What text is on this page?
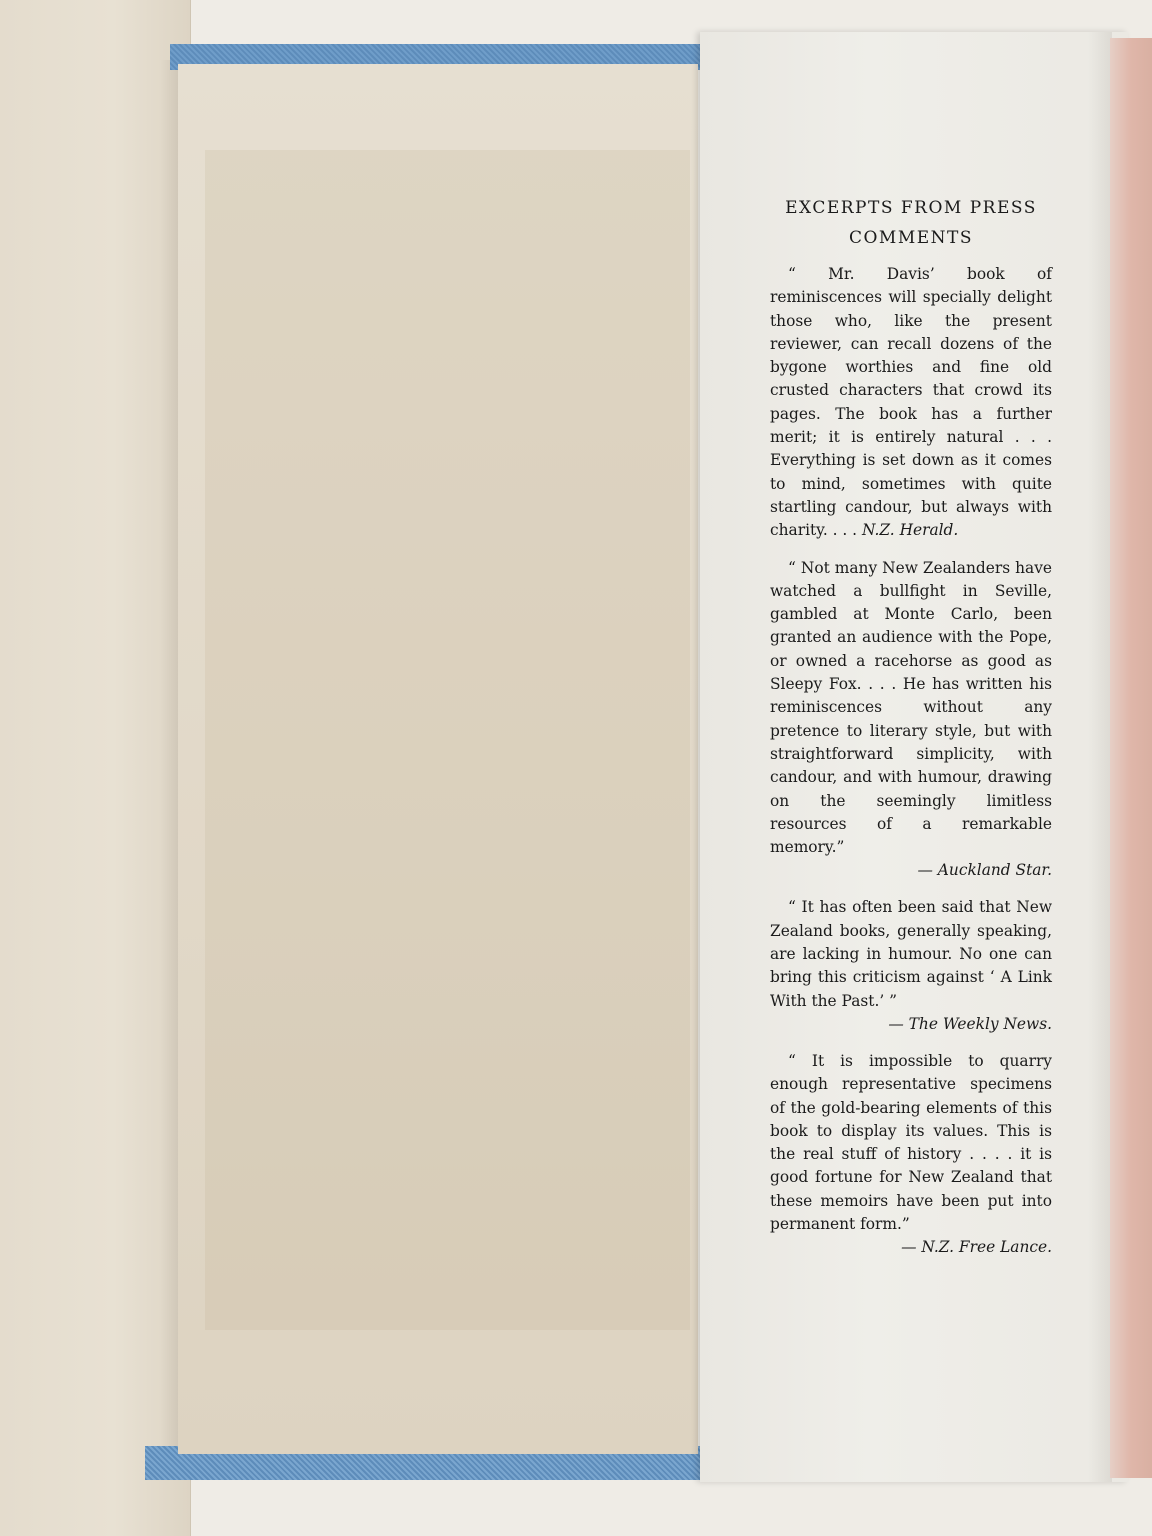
EXCERPTS FROM PRESS
COMMENTS

“ Mr. Davis’ book of reminiscences will specially delight those who, like the present reviewer, can recall dozens of the bygone worthies and fine old crusted characters that crowd its pages. The book has a further merit; it is entirely natural . . . Everything is set down as it comes to mind, sometimes with quite startling candour, but always with charity. . . . N.Z. Herald.

“ Not many New Zealanders have watched a bullfight in Seville, gambled at Monte Carlo, been granted an audience with the Pope, or owned a racehorse as good as Sleepy Fox. . . . He has written his reminiscences without any pretence to literary style, but with straightforward simplicity, with candour, and with humour, drawing on the seemingly limitless resources of a remarkable memory.”

— Auckland Star.

“ It has often been said that New Zealand books, generally speaking, are lacking in humour. No one can bring this criticism against ‘ A Link With the Past.’ ”

— The Weekly News.

“ It is impossible to quarry enough representative specimens of the gold-bearing elements of this book to display its values. This is the real stuff of history . . . . it is good fortune for New Zealand that these memoirs have been put into permanent form.”

— N.Z. Free Lance.
